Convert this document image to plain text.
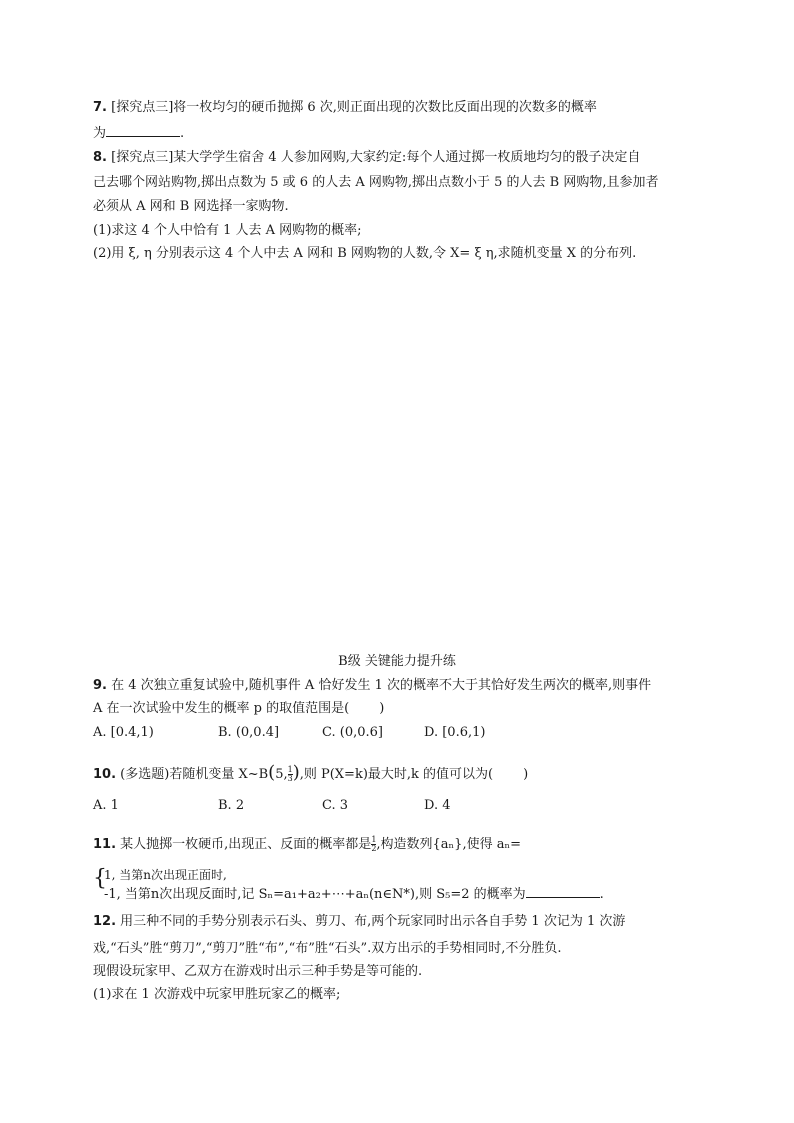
7. [探究点三]将一枚均匀的硬币抛掷 6 次,则正面出现的次数比反面出现的次数多的概率
为	.
8. [探究点三]某大学学生宿舍 4 人参加网购,大家约定:每个人通过掷一枚质地均匀的骰子决定自
己去哪个网站购物,掷出点数为 5 或 6 的人去 A 网购物,掷出点数小于 5 的人去 B 网购物,且参加者
必须从 A 网和 B 网选择一家购物.
(1)求这 4 个人中恰有 1 人去 A 网购物的概率;
(2)用 ξ, η 分别表示这 4 个人中去 A 网和 B 网购物的人数,令 X= ξ η,求随机变量 X 的分布列.
B级 关键能力提升练
9. 在 4 次独立重复试验中,随机事件 A 恰好发生 1 次的概率不大于其恰好发生两次的概率,则事件
A 在一次试验中发生的概率 p 的取值范围是( )
A. [0.4,1)	B. (0,0.4]	C. (0,0.6]	D. [0.6,1)
10. (多选题)若随机变量 X~B(5, $\frac{1}{3}$ ),则 P(X=k)最大时,k 的值可以为( )
A. 1	B. 2	C. 3	D. 4
11. 某人抛掷一枚硬币,出现正、反面的概率都是 $\frac{1}{2}$ ,构造数列{aₙ},使得 aₙ=
{
1, 当第n次出现正面时,
-1, 当第n次出现反面时,记 Sₙ=a₁+a₂+⋯+aₙ(n∈N*),则 S₅=2 的概率为	.
12. 用三种不同的手势分别表示石头、剪刀、布,两个玩家同时出示各自手势 1 次记为 1 次游
戏,“石头”胜“剪刀”,“剪刀”胜“布”,“布”胜“石头”.双方出示的手势相同时,不分胜负.
现假设玩家甲、乙双方在游戏时出示三种手势是等可能的.
(1)求在 1 次游戏中玩家甲胜玩家乙的概率;
